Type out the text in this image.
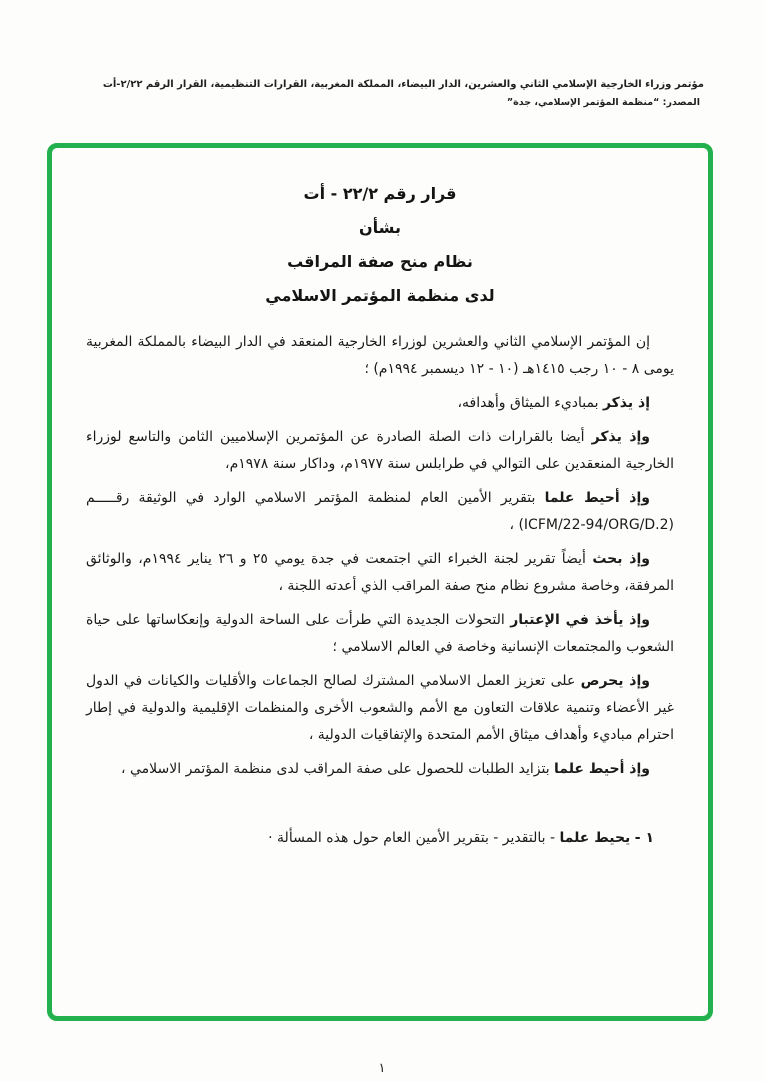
مؤتمر وزراء الخارجية الإسلامي الثاني والعشرين، الدار البيضاء، المملكة المغربية، القرارات التنظيمية، القرار الرقم ٢/٢٢-أت
المصدر: “منظمة المؤتمر الإسلامي، جدة”
قرار رقم ٢٢/٢ - أت
بشأن
نظام منح صفة المراقب
لدى منظمة المؤتمر الاسلامي

إن المؤتمر الإسلامي الثاني والعشرين لوزراء الخارجية المنعقد في الدار البيضاء بالمملكة المغربية يومى ٨ - ١٠ رجب ١٤١٥هـ (١٠ - ١٢ ديسمبر ١٩٩٤م) ؛

إذ يذكر بمباديء الميثاق وأهدافه،

وإذ يذكر أيضا بالقرارات ذات الصلة الصادرة عن المؤتمرين الإسلاميين الثامن والتاسع لوزراء الخارجية المنعقدين على التوالي في طرابلس سنة ١٩٧٧م، وداكار سنة ١٩٧٨م،

وإذ أحيط علما بتقرير الأمين العام لمنظمة المؤتمر الاسلامي الوارد في الوثيقة رقـــــم (ICFM/22-94/ORG/D.2) ،

وإذ بحث أيضاً تقرير لجنة الخبراء التي اجتمعت في جدة يومي ٢٥ و ٢٦ يناير ١٩٩٤م، والوثائق المرفقة، وخاصة مشروع نظام منح صفة المراقب الذي أعدته اللجنة ،

وإذ يأخذ في الإعتبار التحولات الجديدة التي طرأت على الساحة الدولية وإنعكاساتها على حياة الشعوب والمجتمعات الإنسانية وخاصة في العالم الاسلامي ؛

وإذ يحرص على تعزيز العمل الاسلامي المشترك لصالح الجماعات والأقليات والكيانات في الدول غير الأعضاء وتنمية علاقات التعاون مع الأمم والشعوب الأخرى والمنظمات الإقليمية والدولية في إطار احترام مباديء وأهداف ميثاق الأمم المتحدة والإتفاقيات الدولية ،

وإذ أحيط علما بتزايد الطلبات للحصول على صفة المراقب لدى منظمة المؤتمر الاسلامي ،

١ - يحيط علما - بالتقدير - بتقرير الأمين العام حول هذه المسألة ·

١
